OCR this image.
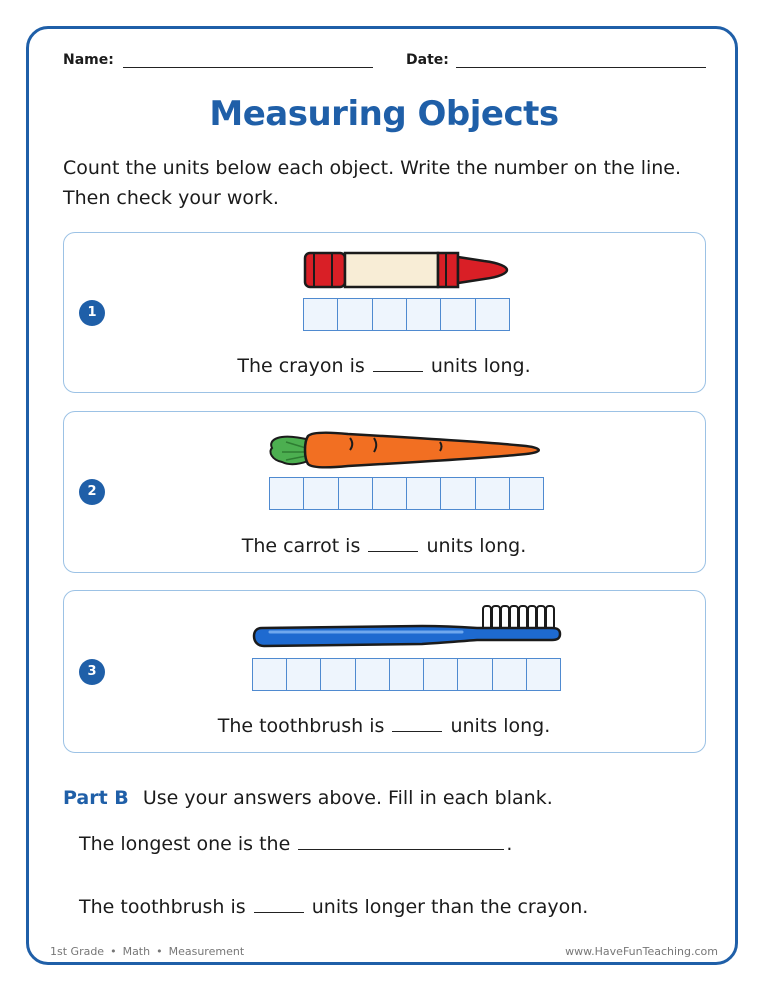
Name:	Date:
Measuring Objects
Count the units below each object. Write the number on the line.
Then check your work.
1
The crayon is	units long.
2
The carrot is	units long.
3
The toothbrush is	units long.
Part B Use your answers above. Fill in each blank.
The longest one is the	.
The toothbrush is	units longer than the crayon.
1st Grade • Math • Measurement	www.HaveFunTeaching.com
